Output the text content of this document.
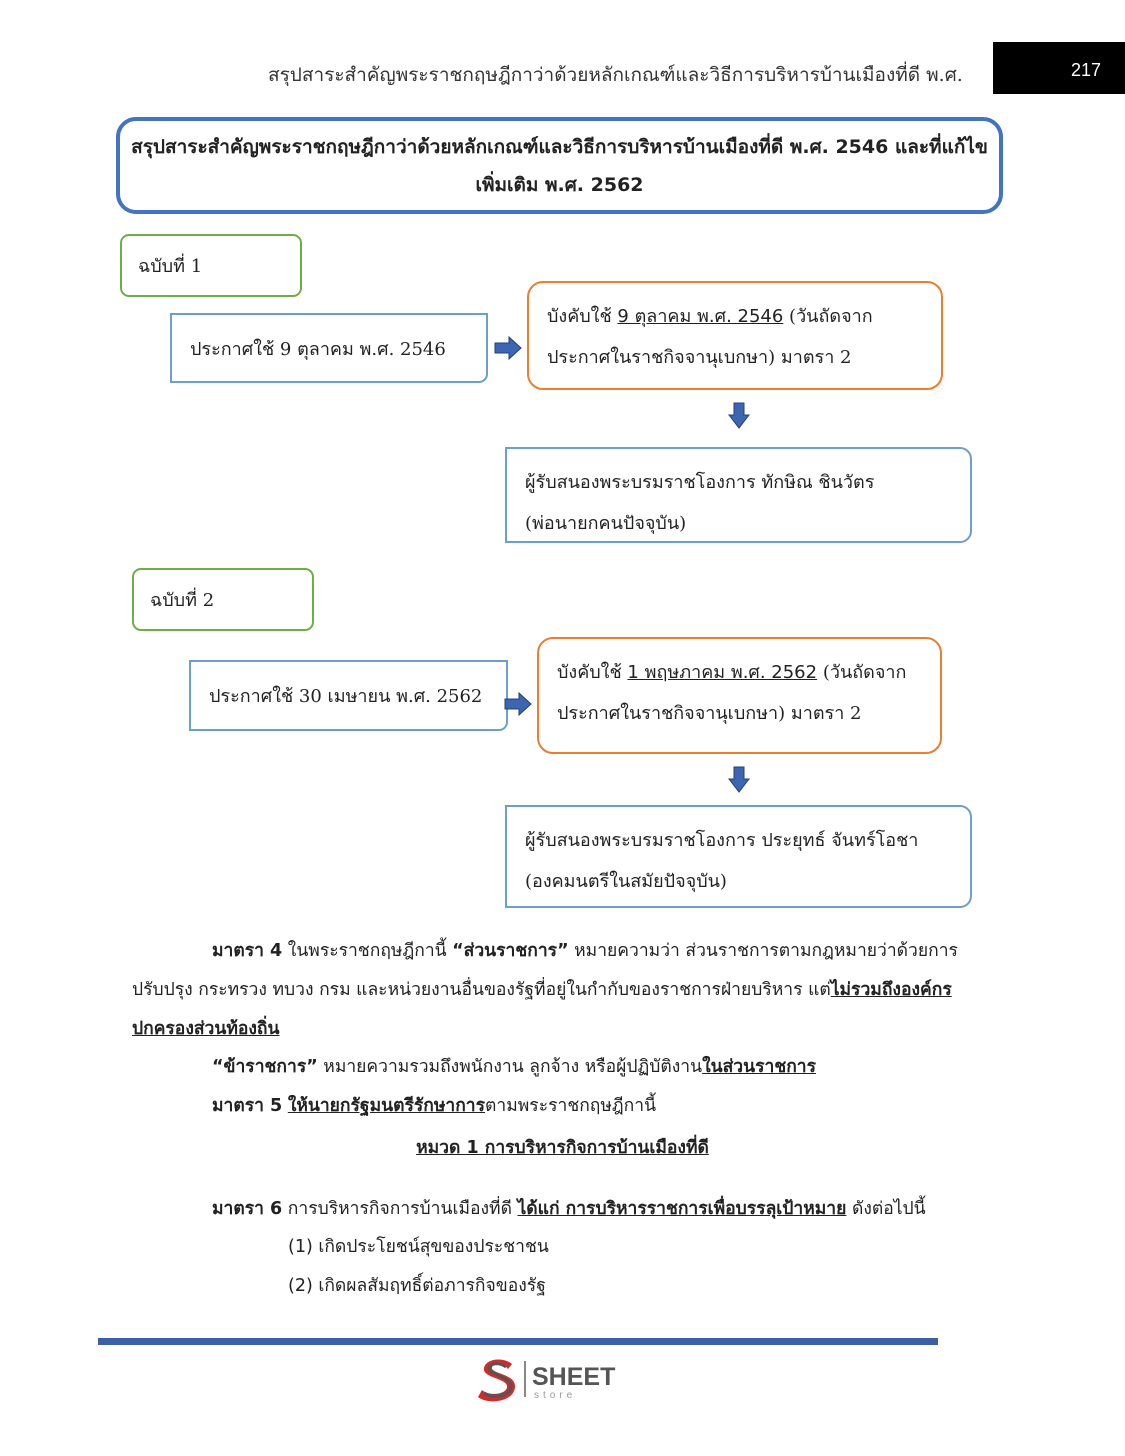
สรุปสาระสำคัญพระราชกฤษฎีกาว่าด้วยหลักเกณฑ์และวิธีการบริหารบ้านเมืองที่ดี พ.ศ.	217
สรุปสาระสำคัญพระราชกฤษฎีกาว่าด้วยหลักเกณฑ์และวิธีการบริหารบ้านเมืองที่ดี พ.ศ. 2546 และที่แก้ไข
เพิ่มเติม พ.ศ. 2562
ฉบับที่ 1
ประกาศใช้ 9 ตุลาคม พ.ศ. 2546
บังคับใช้ 9 ตุลาคม พ.ศ. 2546 (วันถัดจาก
ประกาศในราชกิจจานุเบกษา) มาตรา 2
ผู้รับสนองพระบรมราชโองการ ทักษิณ ชินวัตร
(พ่อนายกคนปัจจุบัน)
ฉบับที่ 2
ประกาศใช้ 30 เมษายน พ.ศ. 2562
บังคับใช้ 1 พฤษภาคม พ.ศ. 2562 (วันถัดจาก
ประกาศในราชกิจจานุเบกษา) มาตรา 2
ผู้รับสนองพระบรมราชโองการ ประยุทธ์ จันทร์โอชา
(องคมนตรีในสมัยปัจจุบัน)
มาตรา 4 ในพระราชกฤษฎีกานี้ “ส่วนราชการ” หมายความว่า ส่วนราชการตามกฎหมายว่าด้วยการ
ปรับปรุง กระทรวง ทบวง กรม และหน่วยงานอื่นของรัฐที่อยู่ในกำกับของราชการฝ่ายบริหาร แต่ไม่รวมถึงองค์กร
ปกครองส่วนท้องถิ่น
“ข้าราชการ” หมายความรวมถึงพนักงาน ลูกจ้าง หรือผู้ปฏิบัติงานในส่วนราชการ
มาตรา 5 ให้นายกรัฐมนตรีรักษาการตามพระราชกฤษฎีกานี้
หมวด 1 การบริหารกิจการบ้านเมืองที่ดี
มาตรา 6 การบริหารกิจการบ้านเมืองที่ดี ได้แก่ การบริหารราชการเพื่อบรรลุเป้าหมาย ดังต่อไปนี้
(1) เกิดประโยชน์สุขของประชาชน
(2) เกิดผลสัมฤทธิ์ต่อภารกิจของรัฐ
SHEET
store
